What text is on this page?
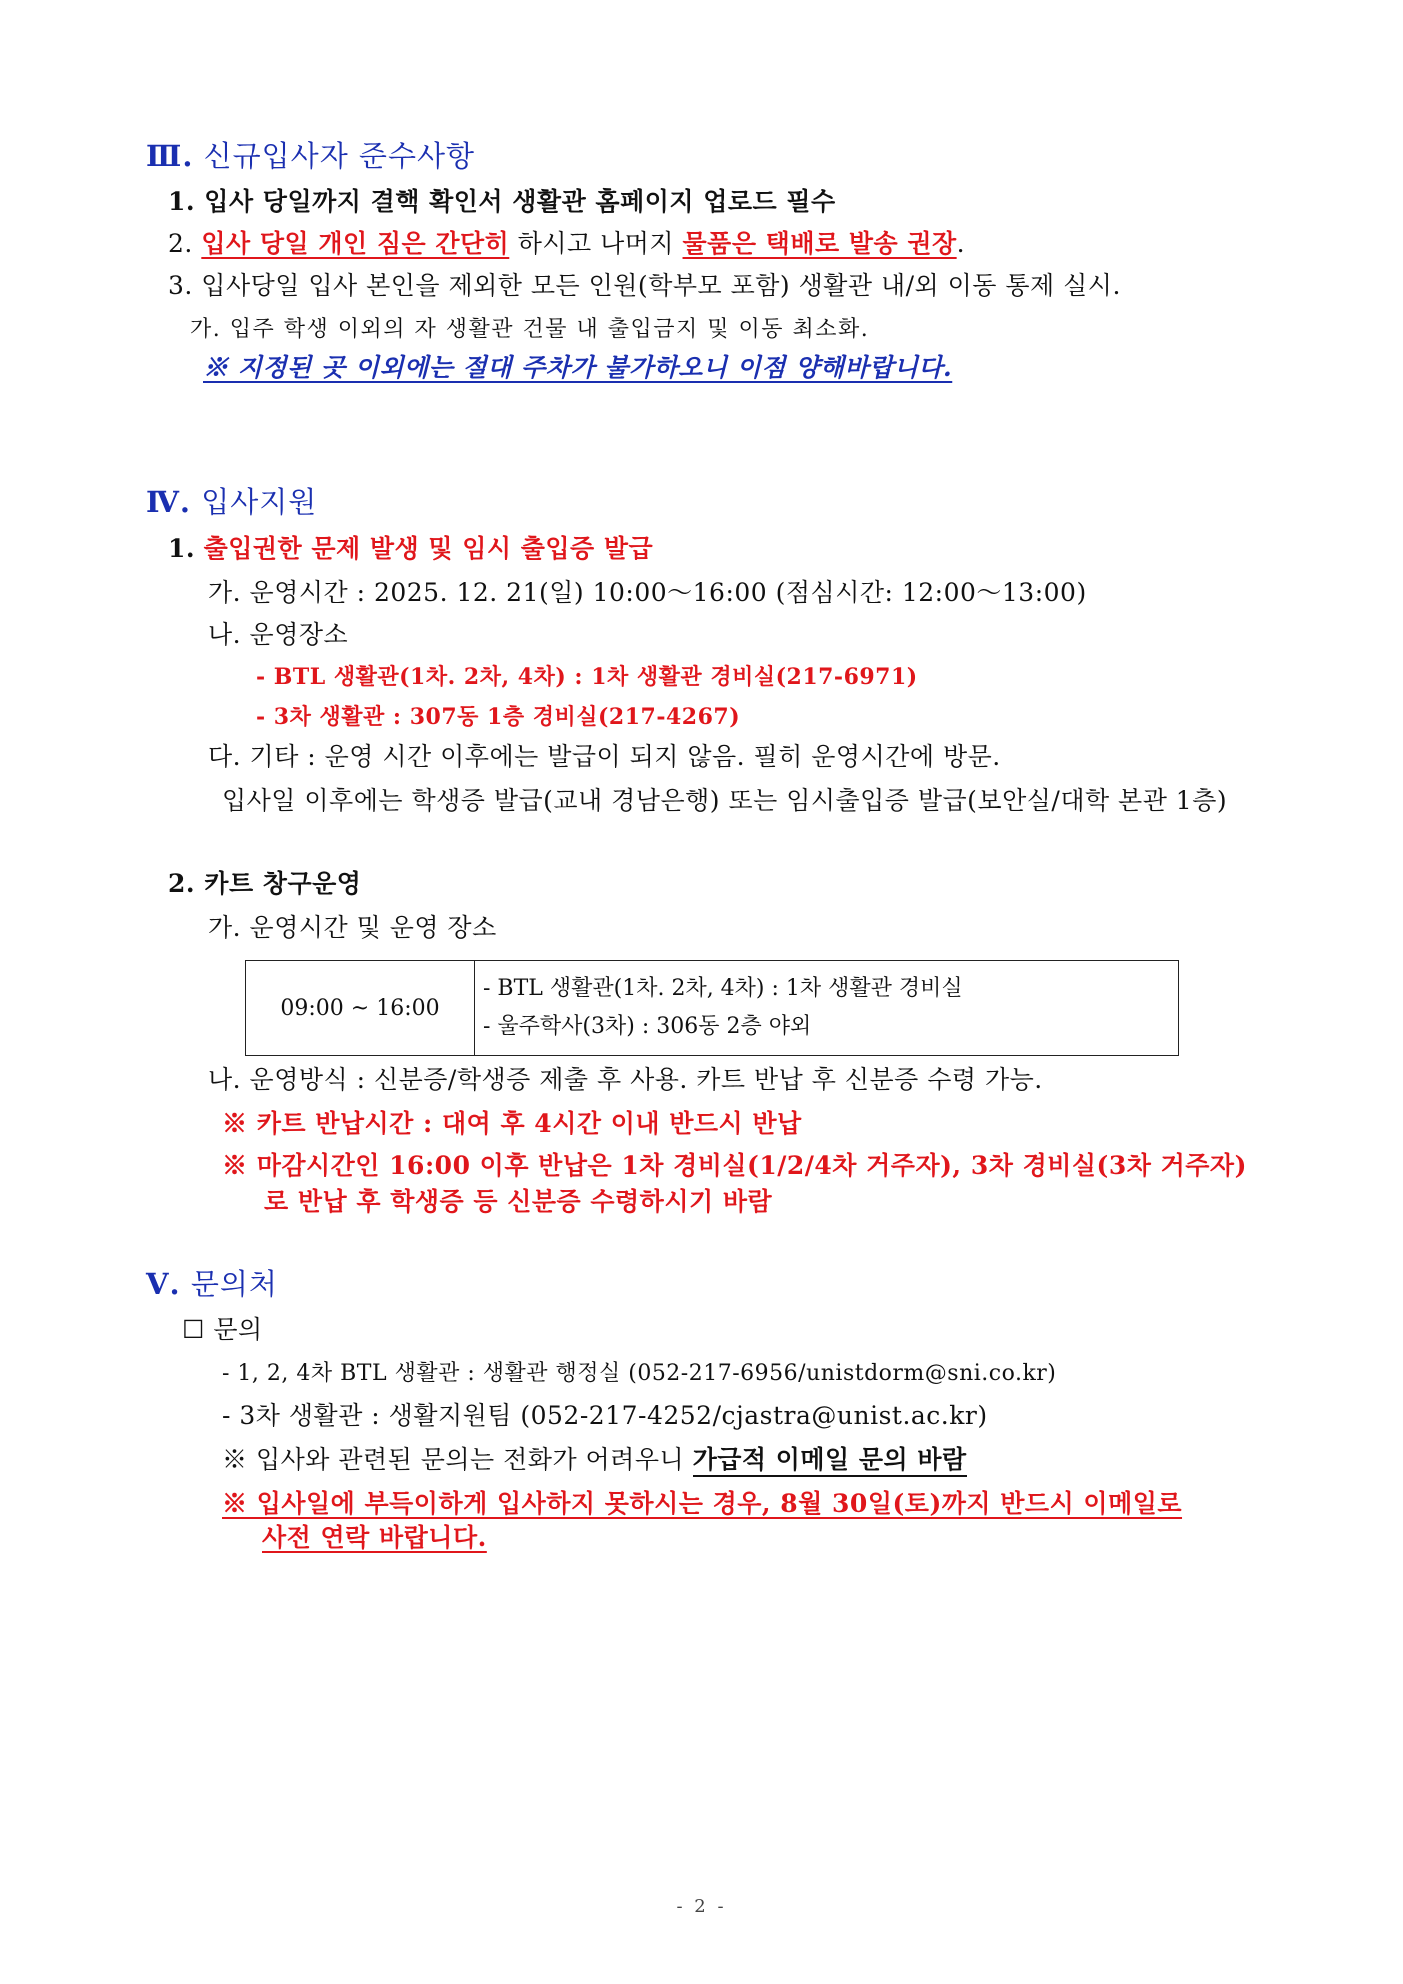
Ⅲ. 신규입사자 준수사항
1. 입사 당일까지 결핵 확인서 생활관 홈페이지 업로드 필수
2. 입사 당일 개인 짐은 간단히 하시고 나머지 물품은 택배로 발송 권장.
3. 입사당일 입사 본인을 제외한 모든 인원(학부모 포함) 생활관 내/외 이동 통제 실시.
가. 입주 학생 이외의 자 생활관 건물 내 출입금지 및 이동 최소화.
※ 지정된 곳 이외에는 절대 주차가 불가하오니 이점 양해바랍니다.
Ⅳ. 입사지원
1. 출입권한 문제 발생 및 임시 출입증 발급
가. 운영시간 : 2025. 12. 21(일) 10:00～16:00 (점심시간: 12:00～13:00)
나. 운영장소
- BTL 생활관(1차. 2차, 4차) : 1차 생활관 경비실(217-6971)
- 3차 생활관 : 307동 1층 경비실(217-4267)
다. 기타 : 운영 시간 이후에는 발급이 되지 않음. 필히 운영시간에 방문.
입사일 이후에는 학생증 발급(교내 경남은행) 또는 임시출입증 발급(보안실/대학 본관 1층)
2. 카트 창구운영
가. 운영시간 및 운영 장소
09:00 ~ 16:00	
- BTL 생활관(1차. 2차, 4차) : 1차 생활관 경비실
- 울주학사(3차) : 306동 2층 야외
나. 운영방식 : 신분증/학생증 제출 후 사용. 카트 반납 후 신분증 수령 가능.
※ 카트 반납시간 : 대여 후 4시간 이내 반드시 반납
※ 마감시간인 16:00 이후 반납은 1차 경비실(1/2/4차 거주자), 3차 경비실(3차 거주자)
로 반납 후 학생증 등 신분증 수령하시기 바람
Ⅴ. 문의처
☐ 문의
- 1, 2, 4차 BTL 생활관 : 생활관 행정실 (052-217-6956/unistdorm@sni.co.kr)
- 3차 생활관 : 생활지원팀 (052-217-4252/cjastra@unist.ac.kr)
※ 입사와 관련된 문의는 전화가 어려우니 가급적 이메일 문의 바람
※ 입사일에 부득이하게 입사하지 못하시는 경우, 8월 30일(토)까지 반드시 이메일로
사전 연락 바랍니다.
- 2 -
